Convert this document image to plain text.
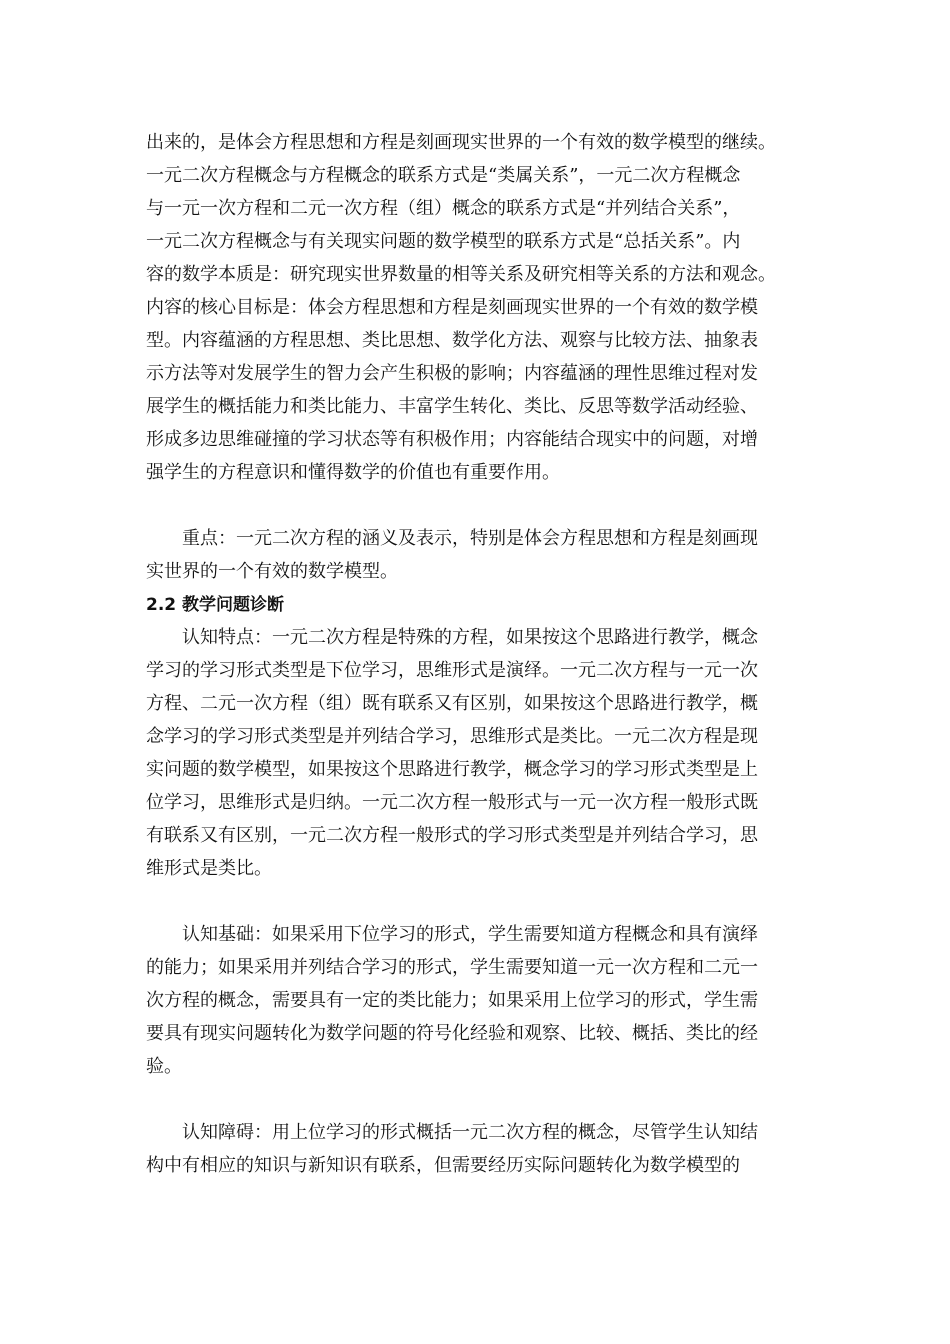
出来的，是体会方程思想和方程是刻画现实世界的一个有效的数学模型的继续。
一元二次方程概念与方程概念的联系方式是“类属关系”，一元二次方程概念
与一元一次方程和二元一次方程（组）概念的联系方式是“并列结合关系”，
一元二次方程概念与有关现实问题的数学模型的联系方式是“总括关系”。内
容的数学本质是：研究现实世界数量的相等关系及研究相等关系的方法和观念。
内容的核心目标是：体会方程思想和方程是刻画现实世界的一个有效的数学模
型。内容蕴涵的方程思想、类比思想、数学化方法、观察与比较方法、抽象表
示方法等对发展学生的智力会产生积极的影响；内容蕴涵的理性思维过程对发
展学生的概括能力和类比能力、丰富学生转化、类比、反思等数学活动经验、
形成多边思维碰撞的学习状态等有积极作用；内容能结合现实中的问题，对增
强学生的方程意识和懂得数学的价值也有重要作用。
重点：一元二次方程的涵义及表示，特别是体会方程思想和方程是刻画现
实世界的一个有效的数学模型。
2.2 教学问题诊断
认知特点：一元二次方程是特殊的方程，如果按这个思路进行教学，概念
学习的学习形式类型是下位学习，思维形式是演绎。一元二次方程与一元一次
方程、二元一次方程（组）既有联系又有区别，如果按这个思路进行教学，概
念学习的学习形式类型是并列结合学习，思维形式是类比。一元二次方程是现
实问题的数学模型，如果按这个思路进行教学，概念学习的学习形式类型是上
位学习，思维形式是归纳。一元二次方程一般形式与一元一次方程一般形式既
有联系又有区别，一元二次方程一般形式的学习形式类型是并列结合学习，思
维形式是类比。
认知基础：如果采用下位学习的形式，学生需要知道方程概念和具有演绎
的能力；如果采用并列结合学习的形式，学生需要知道一元一次方程和二元一
次方程的概念，需要具有一定的类比能力；如果采用上位学习的形式，学生需
要具有现实问题转化为数学问题的符号化经验和观察、比较、概括、类比的经
验。
认知障碍：用上位学习的形式概括一元二次方程的概念，尽管学生认知结
构中有相应的知识与新知识有联系，但需要经历实际问题转化为数学模型的
